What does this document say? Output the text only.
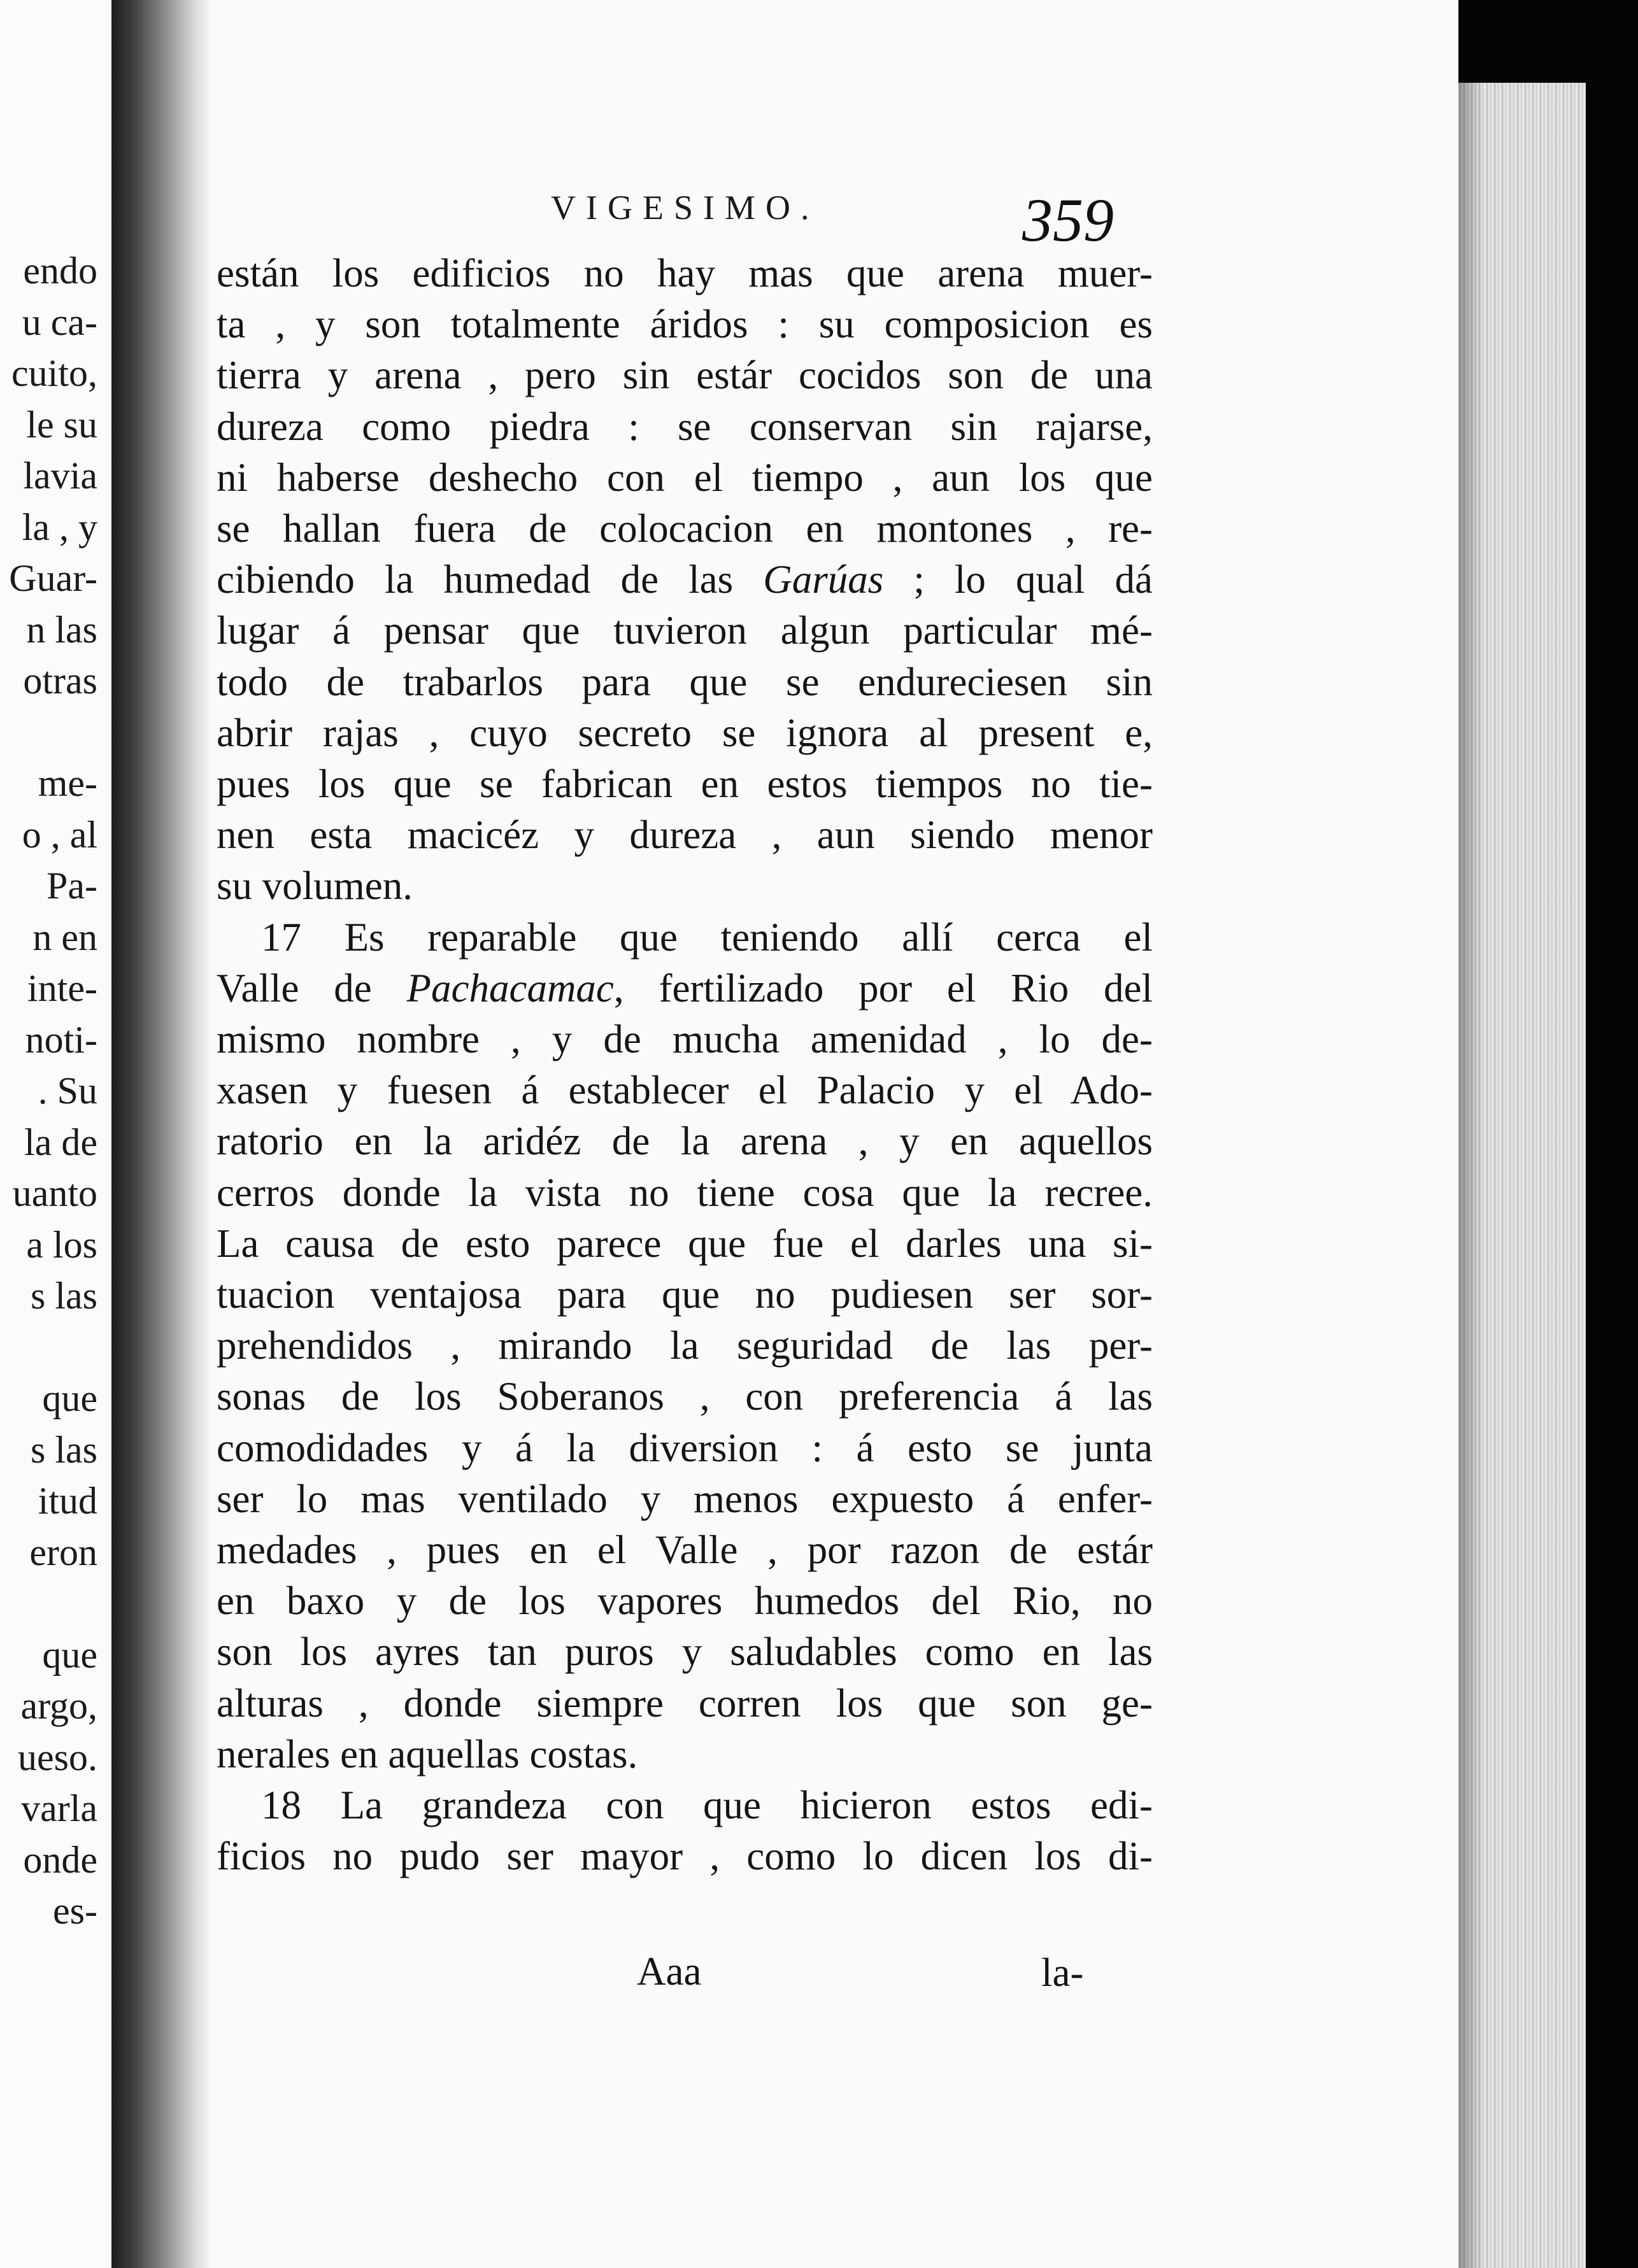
endo
u ca-
cuito,
le su
lavia
la , y
Guar-
n las
otras
me-
o , al
Pa-
n en
inte-
noti-
. Su
la de
uanto
a los
s las
que
s las
itud
eron
que
argo,
ueso.
varla
onde
es-
VIGESIMO.	359
están los edificios no hay mas que arena muer-
ta , y son totalmente áridos : su composicion es
tierra y arena , pero sin estár cocidos son de una
dureza como piedra : se conservan sin rajarse,
ni haberse deshecho con el tiempo , aun los que
se hallan fuera de colocacion en montones , re-
cibiendo la humedad de las Garúas ; lo qual dá
lugar á pensar que tuvieron algun particular mé-
todo de trabarlos para que se endureciesen sin
abrir rajas , cuyo secreto se ignora al present e,
pues los que se fabrican en estos tiempos no tie-
nen esta macicéz y dureza , aun siendo menor
su volumen.
17 Es reparable que teniendo allí cerca el
Valle de Pachacamac, fertilizado por el Rio del
mismo nombre , y de mucha amenidad , lo de-
xasen y fuesen á establecer el Palacio y el Ado-
ratorio en la aridéz de la arena , y en aquellos
cerros donde la vista no tiene cosa que la recree.
La causa de esto parece que fue el darles una si-
tuacion ventajosa para que no pudiesen ser sor-
prehendidos , mirando la seguridad de las per-
sonas de los Soberanos , con preferencia á las
comodidades y á la diversion : á esto se junta
ser lo mas ventilado y menos expuesto á enfer-
medades , pues en el Valle , por razon de estár
en baxo y de los vapores humedos del Rio, no
son los ayres tan puros y saludables como en las
alturas , donde siempre corren los que son ge-
nerales en aquellas costas.
18 La grandeza con que hicieron estos edi-
ficios no pudo ser mayor , como lo dicen los di-
Aaa	la-
